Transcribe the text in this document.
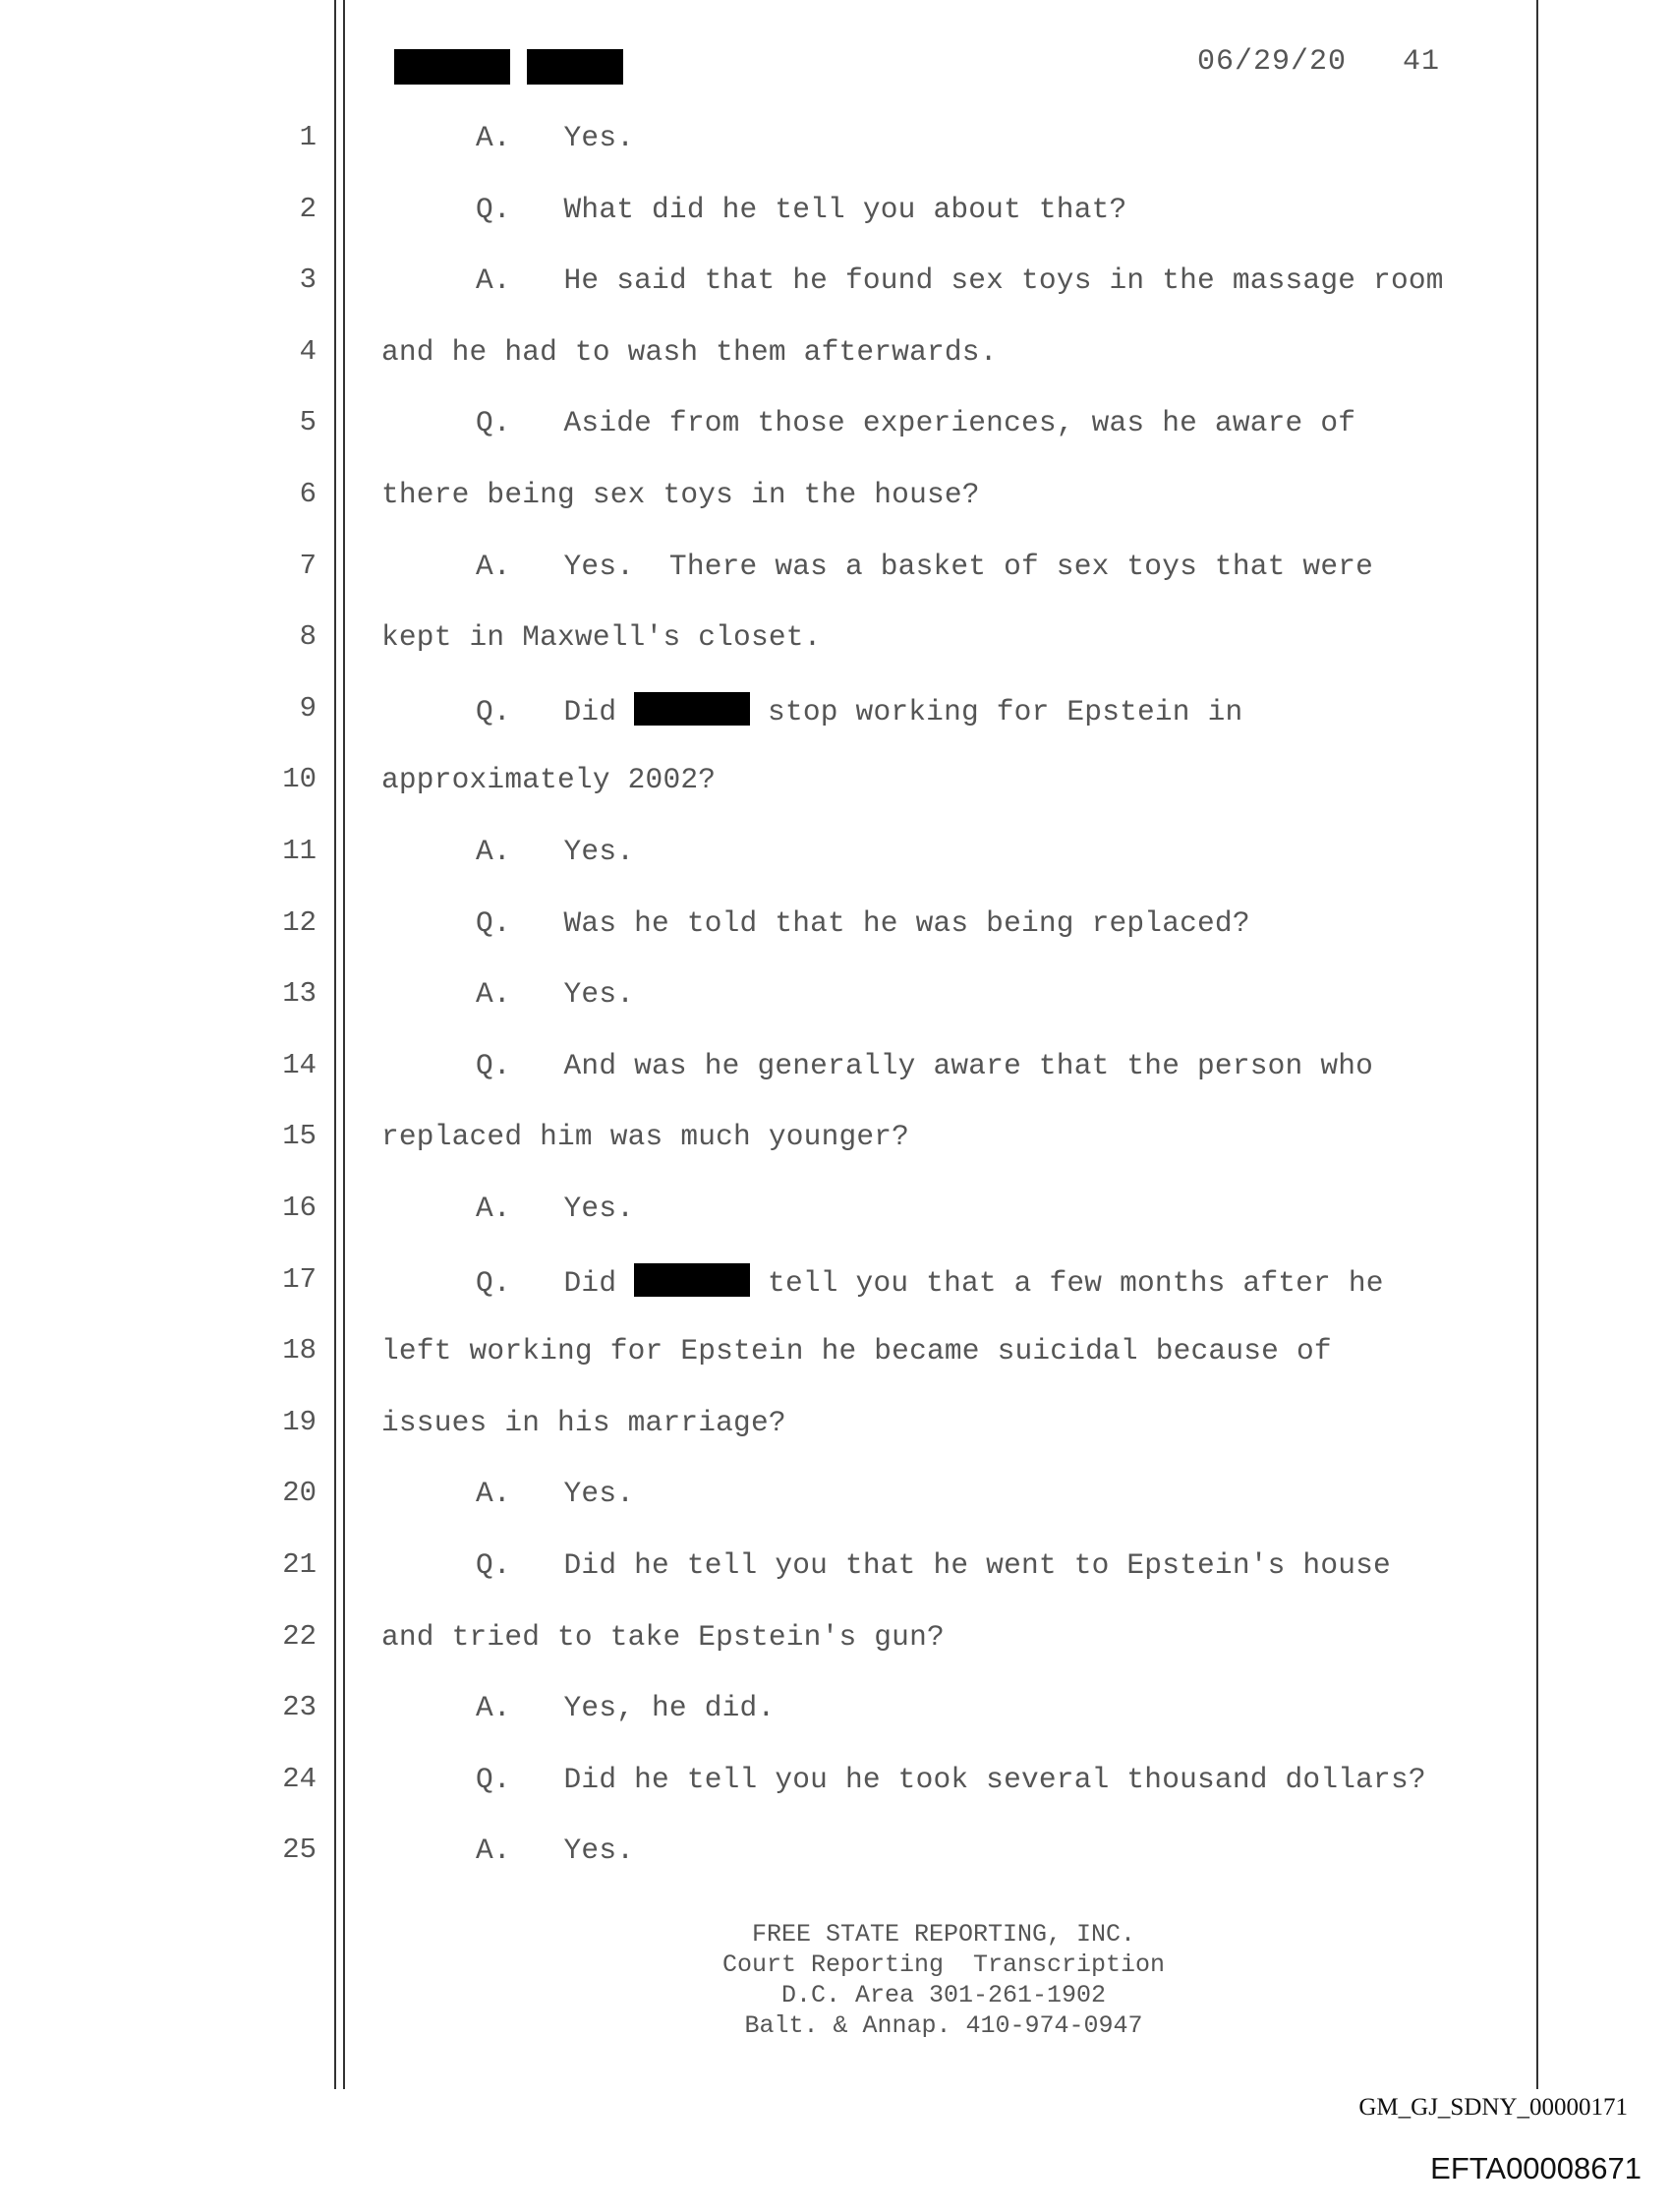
06/29/20 41
1	A.   Yes.
2	Q.   What did he tell you about that?
3	A.   He said that he found sex toys in the massage room
4 and he had to wash them afterwards.
5	Q.   Aside from those experiences, was he aware of
6 there being sex toys in the house?
7	A.   Yes.  There was a basket of sex toys that were
8 kept in Maxwell's closet.
9	Q.   Did	stop working for Epstein in
10 approximately 2002?
11	A.   Yes.
12	Q.   Was he told that he was being replaced?
13	A.   Yes.
14	Q.   And was he generally aware that the person who
15 replaced him was much younger?
16	A.   Yes.
17	Q.   Did	tell you that a few months after he
18 left working for Epstein he became suicidal because of
19 issues in his marriage?
20	A.   Yes.
21	Q.   Did he tell you that he went to Epstein's house
22 and tried to take Epstein's gun?
23	A.   Yes, he did.
24	Q.   Did he tell you he took several thousand dollars?
25	A.   Yes.
FREE STATE REPORTING, INC.
Court Reporting  Transcription
D.C. Area 301-261-1902
Balt. & Annap. 410-974-0947
GM_GJ_SDNY_00000171
EFTA00008671
